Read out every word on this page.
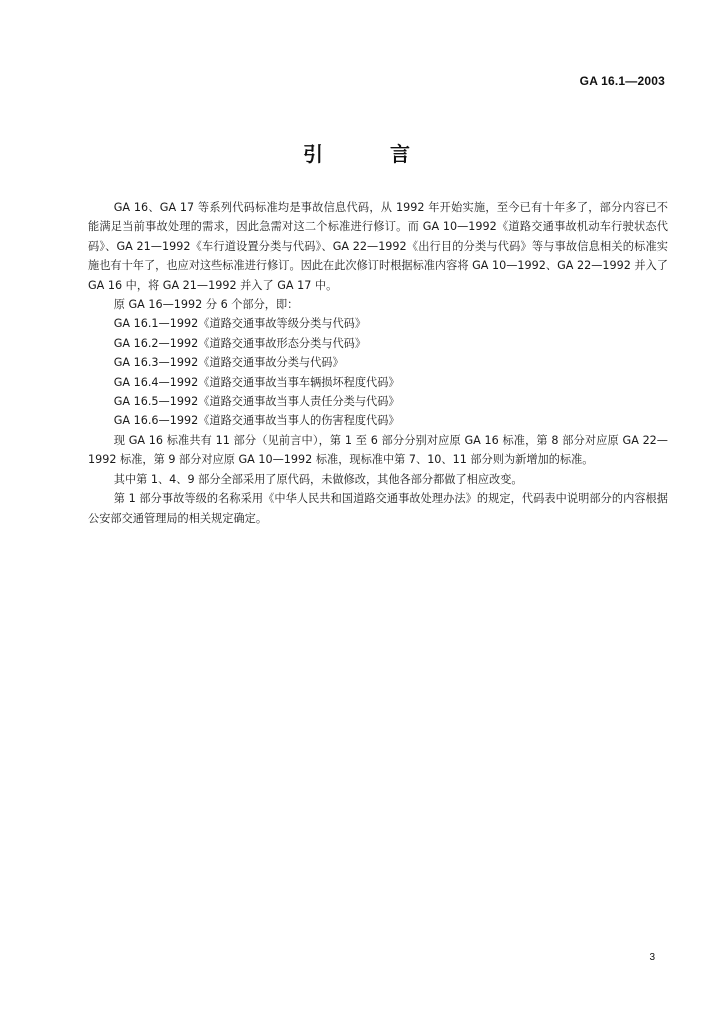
GA 16.1—2003
引 言

GA 16、GA 17 等系列代码标准均是事故信息代码，从 1992 年开始实施，至今已有十年多了，部分内容已不能满足当前事故处理的需求，因此急需对这二个标准进行修订。而 GA 10—1992《道路交通事故机动车行驶状态代码》、GA 21—1992《车行道设置分类与代码》、GA 22—1992《出行目的分类与代码》等与事故信息相关的标准实施也有十年了，也应对这些标准进行修订。因此在此次修订时根据标准内容将 GA 10—1992、GA 22—1992 并入了 GA 16 中，将 GA 21—1992 并入了 GA 17 中。

原 GA 16—1992 分 6 个部分，即：

GA 16.1—1992《道路交通事故等级分类与代码》

GA 16.2—1992《道路交通事故形态分类与代码》

GA 16.3—1992《道路交通事故分类与代码》

GA 16.4—1992《道路交通事故当事车辆损坏程度代码》

GA 16.5—1992《道路交通事故当事人责任分类与代码》

GA 16.6—1992《道路交通事故当事人的伤害程度代码》

现 GA 16 标准共有 11 部分（见前言中），第 1 至 6 部分分别对应原 GA 16 标准，第 8 部分对应原 GA 22—1992 标准，第 9 部分对应原 GA 10—1992 标准，现标准中第 7、10、11 部分则为新增加的标准。

其中第 1、4、9 部分全部采用了原代码，未做修改，其他各部分都做了相应改变。

第 1 部分事故等级的名称采用《中华人民共和国道路交通事故处理办法》的规定，代码表中说明部分的内容根据公安部交通管理局的相关规定确定。

3
